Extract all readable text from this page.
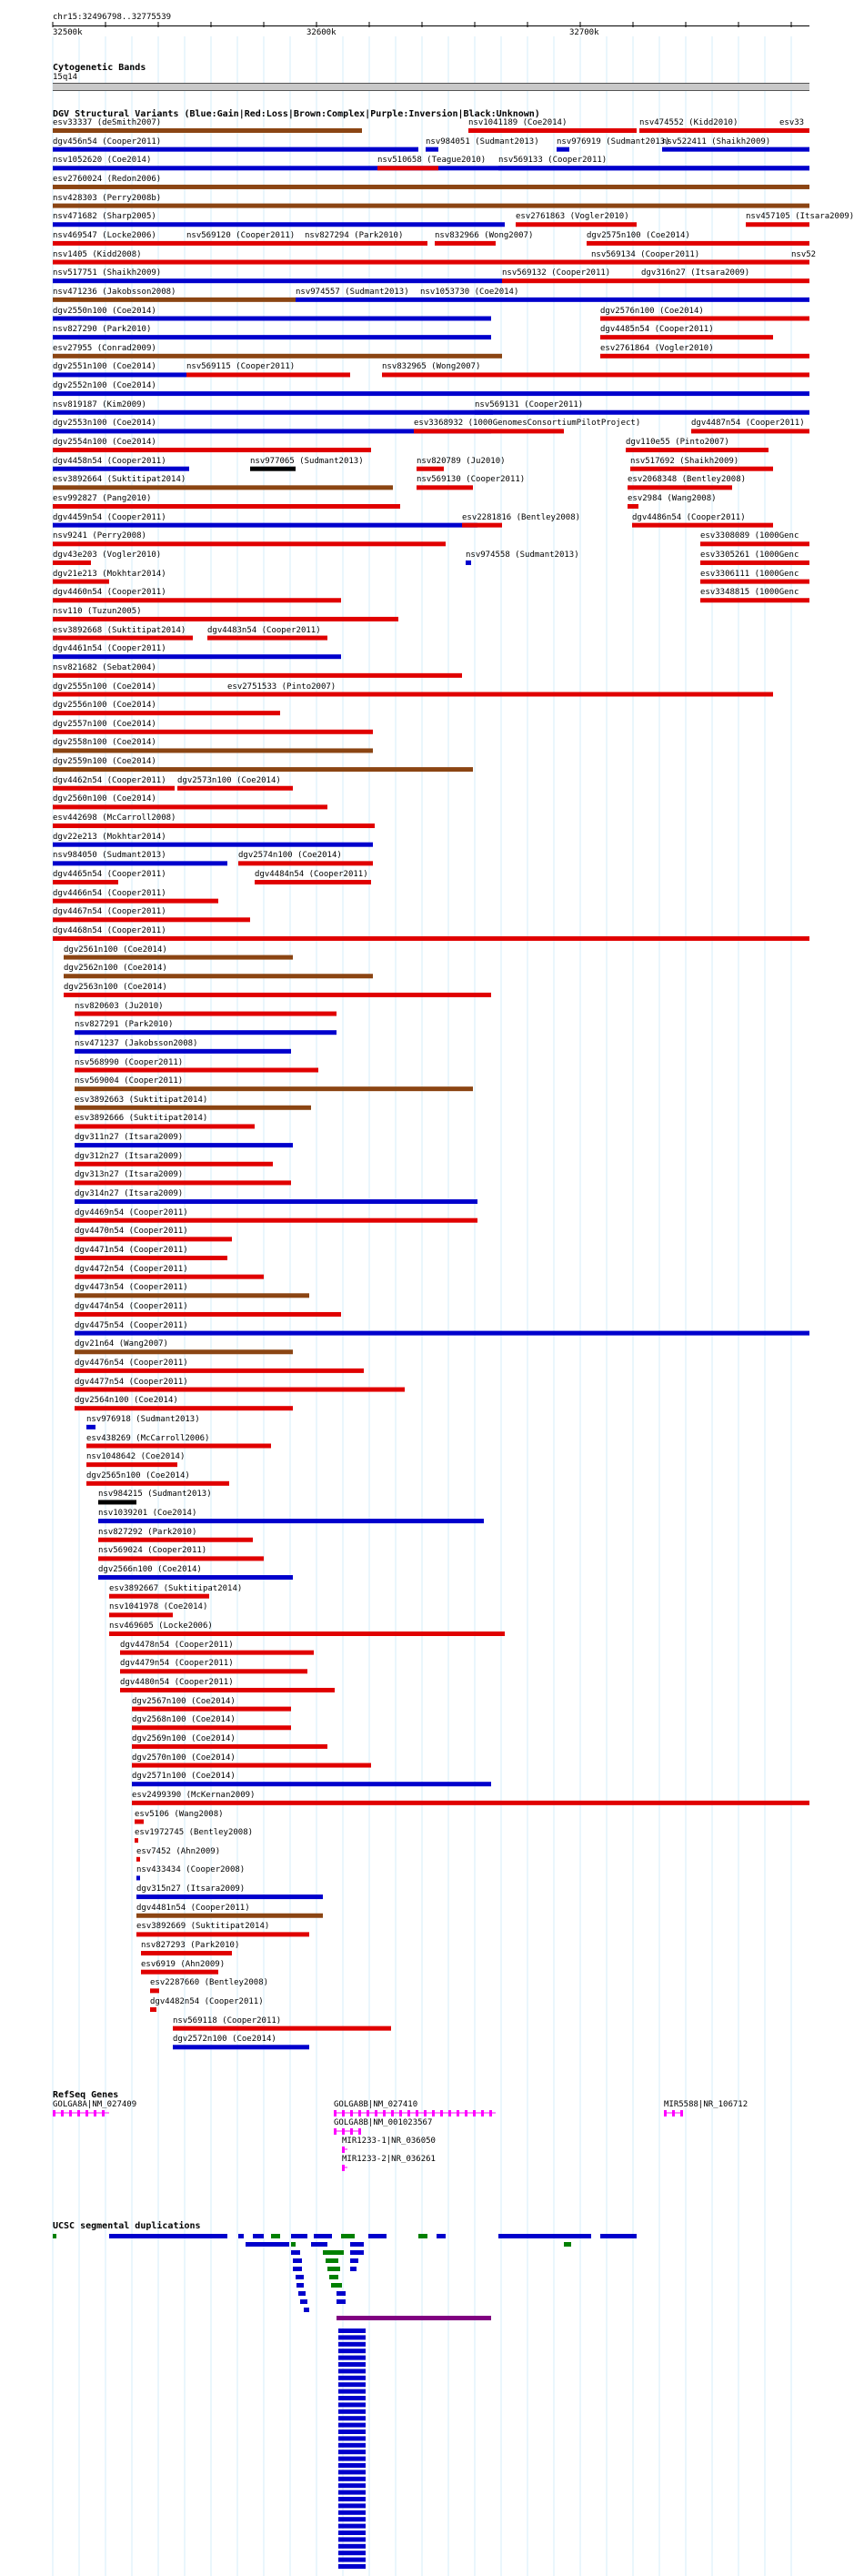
chr15:32496798..32775539
32500k	32600k	32700k
Cytogenetic Bands
15q14
DGV Structural Variants (Blue:Gain|Red:Loss|Brown:Complex|Purple:Inversion|Black:Unknown)
RefSeq Genes
UCSC segmental duplications
esv33337 (deSmith2007)	nsv1041189 (Coe2014)	nsv474552 (Kidd2010)	esv33
dgv456n54 (Cooper2011)	nsv984051 (Sudmant2013) nsv976919 (Sudmant2013)
nsv522411 (Shaikh2009)
nsv1052620 (Coe2014)	nsv510658 (Teague2010) nsv569133 (Cooper2011)
esv2760024 (Redon2006)
nsv428303 (Perry2008b)
nsv471682 (Sharp2005)	esv2761863 (Vogler2010)	nsv457105 (Itsara2009)
nsv469547 (Locke2006)	nsv569120 (Cooper2011) nsv827294 (Park2010)	nsv832966 (Wong2007)	dgv2575n100 (Coe2014)
nsv1405 (Kidd2008)	nsv569134 (Cooper2011)	nsv52
nsv517751 (Shaikh2009)	nsv569132 (Cooper2011)	dgv316n27 (Itsara2009)
nsv471236 (Jakobsson2008)	nsv974557 (Sudmant2013) nsv1053730 (Coe2014)
dgv2550n100 (Coe2014)	dgv2576n100 (Coe2014)
nsv827290 (Park2010)	dgv4485n54 (Cooper2011)
esv27955 (Conrad2009)	esv2761864 (Vogler2010)
dgv2551n100 (Coe2014)	nsv569115 (Cooper2011)	nsv832965 (Wong2007)
dgv2552n100 (Coe2014)
nsv819187 (Kim2009)	nsv569131 (Cooper2011)
dgv2553n100 (Coe2014)	esv3368932 (1000GenomesConsortiumPilotProject)	dgv4487n54 (Cooper2011)
dgv2554n100 (Coe2014)	dgv110e55 (Pinto2007)
dgv4458n54 (Cooper2011)	nsv977065 (Sudmant2013)	nsv820789 (Ju2010)	nsv517692 (Shaikh2009)
esv3892664 (Suktitipat2014)	nsv569130 (Cooper2011)	esv2068348 (Bentley2008)
esv992827 (Pang2010)	esv2984 (Wang2008)
dgv4459n54 (Cooper2011)	esv2281816 (Bentley2008)	dgv4486n54 (Cooper2011)
nsv9241 (Perry2008)	esv3308089 (1000Genc
dgv43e203 (Vogler2010)	nsv974558 (Sudmant2013)	esv3305261 (1000Genc
dgv21e213 (Mokhtar2014)	esv3306111 (1000Genc
dgv4460n54 (Cooper2011)	esv3348815 (1000Genc
nsv110 (Tuzun2005)
esv3892668 (Suktitipat2014)	dgv4483n54 (Cooper2011)
dgv4461n54 (Cooper2011)
nsv821682 (Sebat2004)
dgv2555n100 (Coe2014)	esv2751533 (Pinto2007)
dgv2556n100 (Coe2014)
dgv2557n100 (Coe2014)
dgv2558n100 (Coe2014)
dgv2559n100 (Coe2014)
dgv4462n54 (Cooper2011) dgv2573n100 (Coe2014)
dgv2560n100 (Coe2014)
esv442698 (McCarroll2008)
dgv22e213 (Mokhtar2014)
nsv984050 (Sudmant2013)	dgv2574n100 (Coe2014)
dgv4465n54 (Cooper2011)	dgv4484n54 (Cooper2011)
dgv4466n54 (Cooper2011)
dgv4467n54 (Cooper2011)
dgv4468n54 (Cooper2011)
dgv2561n100 (Coe2014)
dgv2562n100 (Coe2014)
dgv2563n100 (Coe2014)
nsv820603 (Ju2010)
nsv827291 (Park2010)
nsv471237 (Jakobsson2008)
nsv568990 (Cooper2011)
nsv569004 (Cooper2011)
esv3892663 (Suktitipat2014)
esv3892666 (Suktitipat2014)
dgv311n27 (Itsara2009)
dgv312n27 (Itsara2009)
dgv313n27 (Itsara2009)
dgv314n27 (Itsara2009)
dgv4469n54 (Cooper2011)
dgv4470n54 (Cooper2011)
dgv4471n54 (Cooper2011)
dgv4472n54 (Cooper2011)
dgv4473n54 (Cooper2011)
dgv4474n54 (Cooper2011)
dgv4475n54 (Cooper2011)
dgv21n64 (Wang2007)
dgv4476n54 (Cooper2011)
dgv4477n54 (Cooper2011)
dgv2564n100 (Coe2014)
nsv976918 (Sudmant2013)
esv438269 (McCarroll2006)
nsv1048642 (Coe2014)
dgv2565n100 (Coe2014)
nsv984215 (Sudmant2013)
nsv1039201 (Coe2014)
nsv827292 (Park2010)
nsv569024 (Cooper2011)
dgv2566n100 (Coe2014)
esv3892667 (Suktitipat2014)
nsv1041978 (Coe2014)
nsv469605 (Locke2006)
dgv4478n54 (Cooper2011)
dgv4479n54 (Cooper2011)
dgv4480n54 (Cooper2011)
dgv2567n100 (Coe2014)
dgv2568n100 (Coe2014)
dgv2569n100 (Coe2014)
dgv2570n100 (Coe2014)
dgv2571n100 (Coe2014)
esv2499390 (McKernan2009)
esv5106 (Wang2008)
esv1972745 (Bentley2008)
esv7452 (Ahn2009)
nsv433434 (Cooper2008)
dgv315n27 (Itsara2009)
dgv4481n54 (Cooper2011)
esv3892669 (Suktitipat2014)
nsv827293 (Park2010)
esv6919 (Ahn2009)
esv2287660 (Bentley2008)
dgv4482n54 (Cooper2011)
nsv569118 (Cooper2011)
dgv2572n100 (Coe2014)
GOLGA8A|NM_027409	GOLGA8B|NM_027410	MIR5588|NR_106712
GOLGA8B|NM_001023567
MIR1233-1|NR_036050
MIR1233-2|NR_036261
